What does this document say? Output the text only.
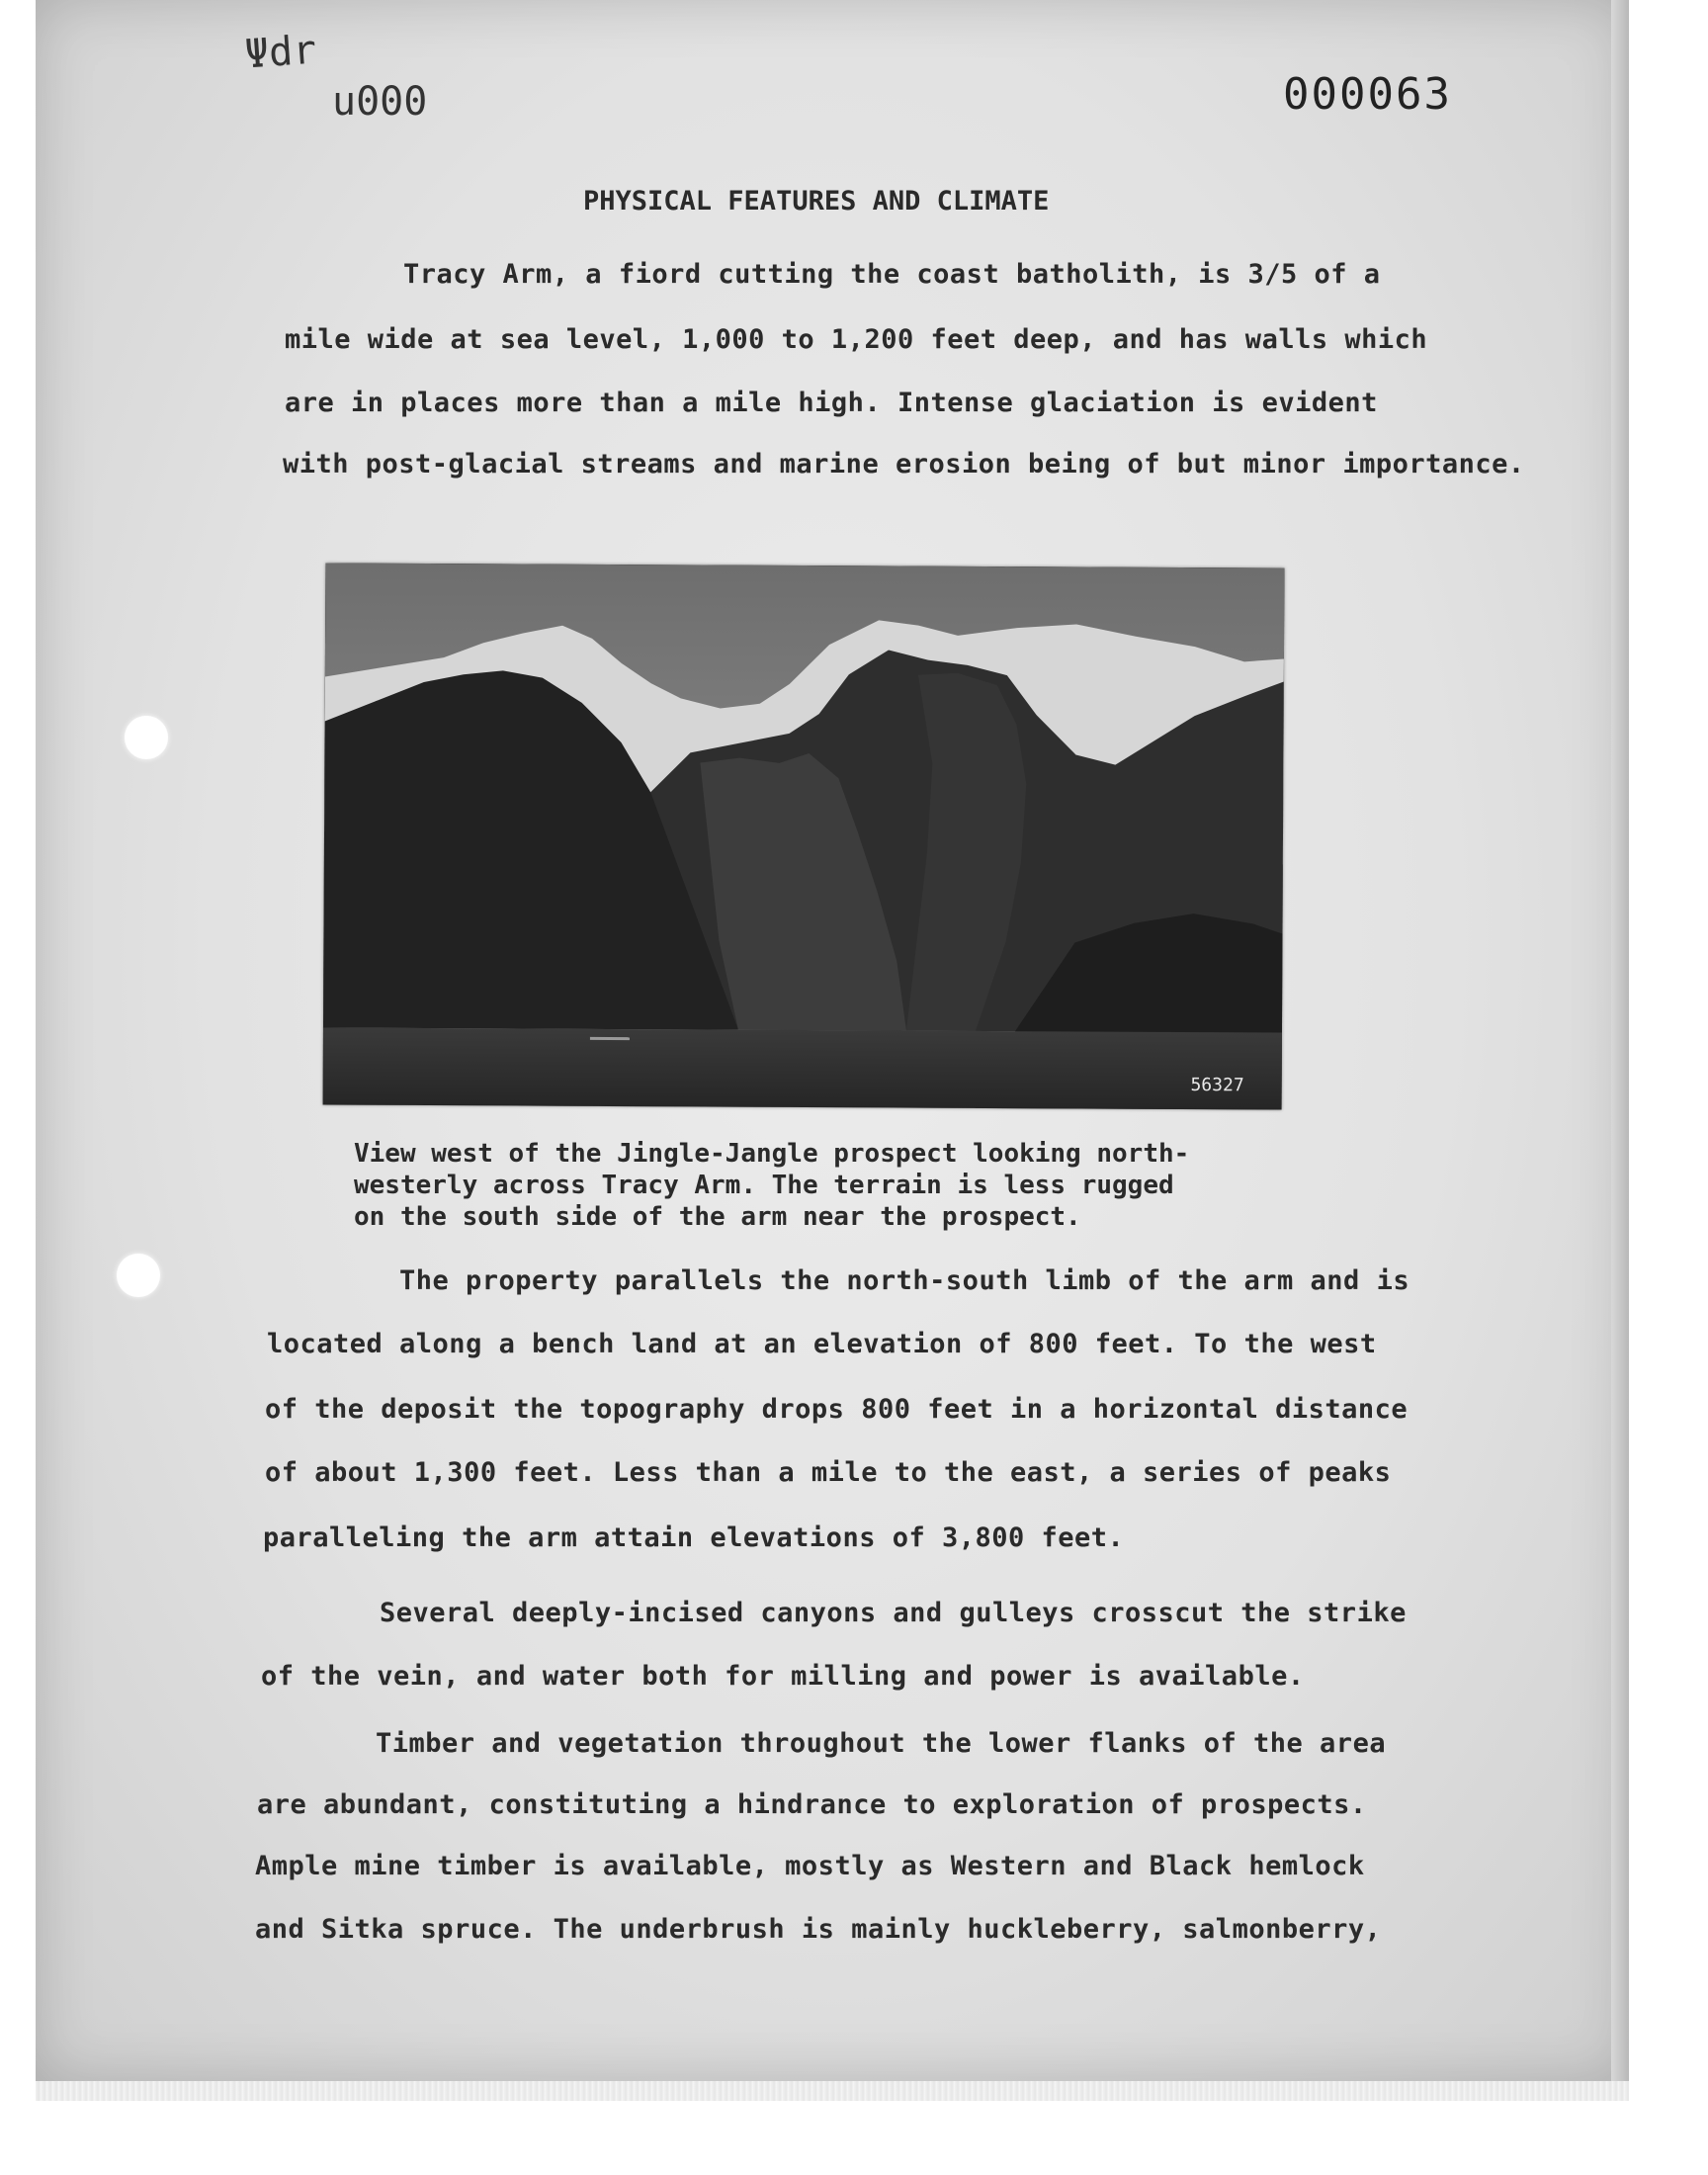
Ψdr
u000	000063
PHYSICAL FEATURES AND CLIMATE
Tracy Arm, a fiord cutting the coast batholith, is 3/5 of a
mile wide at sea level, 1,000 to 1,200 feet deep, and has walls which
are in places more than a mile high. Intense glaciation is evident
with post-glacial streams and marine erosion being of but minor importance.
56327
View west of the Jingle-Jangle prospect looking north-
westerly across Tracy Arm. The terrain is less rugged
on the south side of the arm near the prospect.
The property parallels the north-south limb of the arm and is
located along a bench land at an elevation of 800 feet. To the west
of the deposit the topography drops 800 feet in a horizontal distance
of about 1,300 feet. Less than a mile to the east, a series of peaks
paralleling the arm attain elevations of 3,800 feet.
Several deeply-incised canyons and gulleys crosscut the strike
of the vein, and water both for milling and power is available.
Timber and vegetation throughout the lower flanks of the area
are abundant, constituting a hindrance to exploration of prospects.
Ample mine timber is available, mostly as Western and Black hemlock
and Sitka spruce. The underbrush is mainly huckleberry, salmonberry,
